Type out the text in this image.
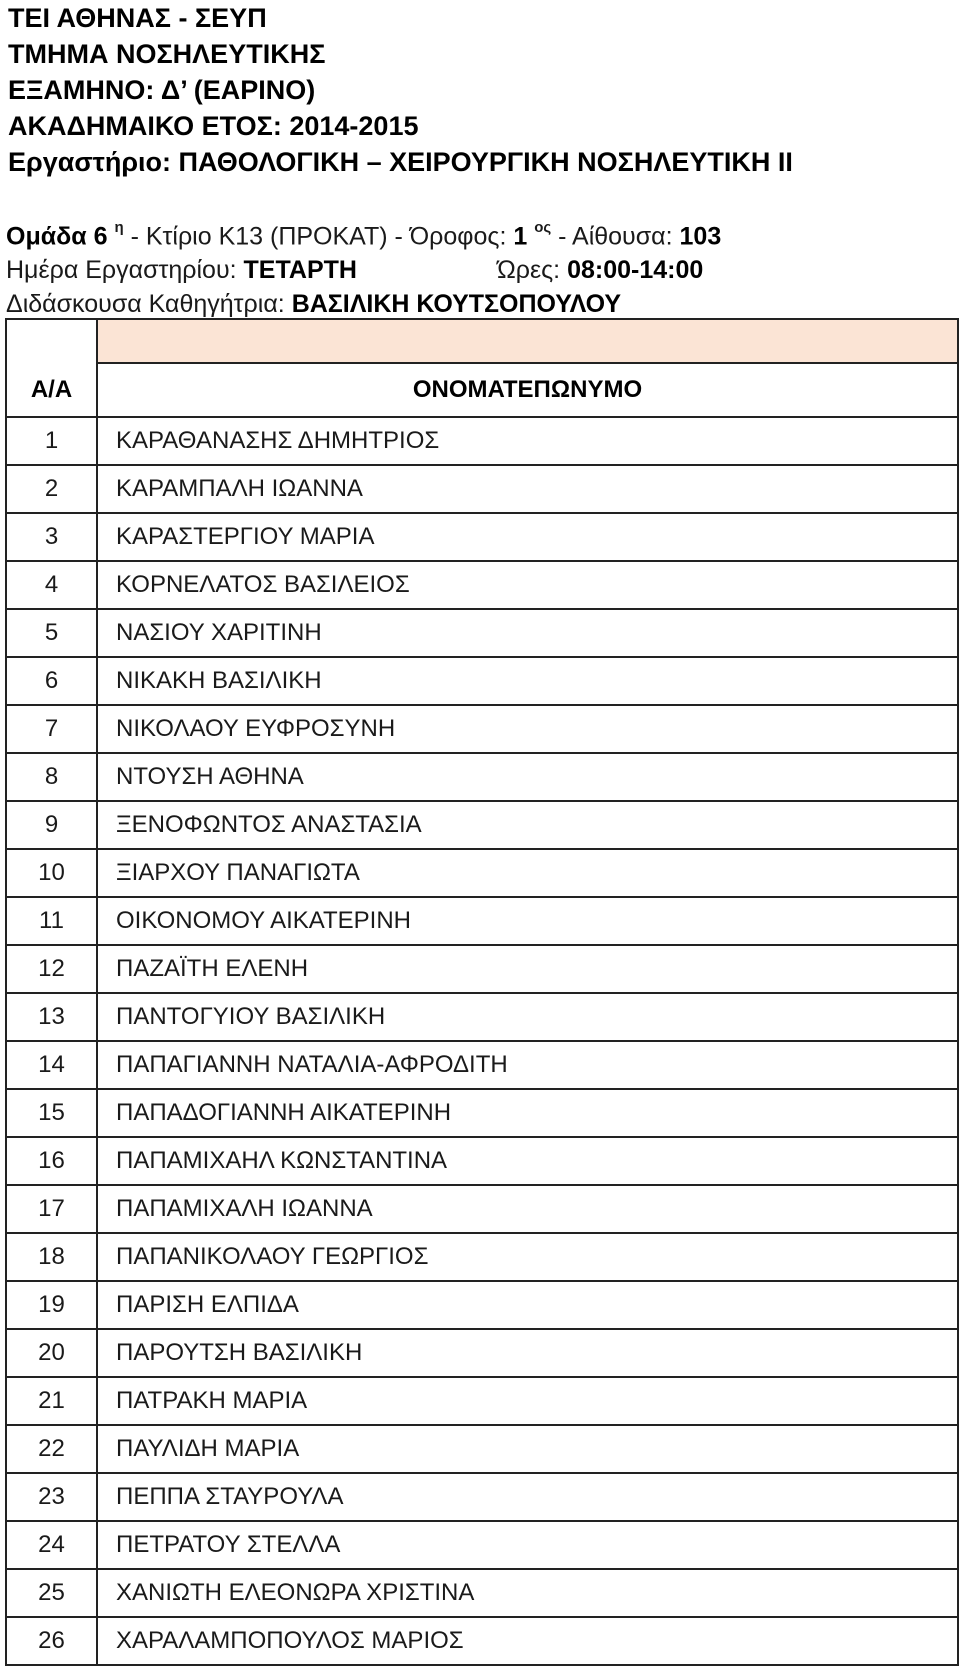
ΤΕΙ ΑΘΗΝΑΣ - ΣΕΥΠ
ΤΜΗΜΑ ΝΟΣΗΛΕΥΤΙΚΗΣ
ΕΞΑΜΗΝΟ: Δ’ (ΕΑΡΙΝΟ)
ΑΚΑΔΗΜΑΙΚΟ ΕΤΟΣ: 2014-2015
Εργαστήριο: ΠΑΘΟΛΟΓΙΚΗ – ΧΕΙΡΟΥΡΓΙΚΗ ΝΟΣΗΛΕΥΤΙΚΗ ΙΙ
Ομάδα 6 $^\eta$ - Κτίριο Κ13 (ΠΡΟΚΑΤ) - Όροφος: 1 $^{o\varsigma}$ - Αίθουσα: 103
Ημέρα Εργαστηρίου: ΤΕΤΑΡΤΗ	Ώρες: 08:00-14:00
Διδάσκουσα Καθηγήτρια: ΒΑΣΙΛΙΚΗ ΚΟΥΤΣΟΠΟΥΛΟΥ

Α/Α	ΟΝΟΜΑΤΕΠΩΝΥΜΟ
1	ΚΑΡΑΘΑΝΑΣΗΣ ΔΗΜΗΤΡΙΟΣ
2	ΚΑΡΑΜΠΑΛΗ ΙΩΑΝΝΑ
3	ΚΑΡΑΣΤΕΡΓΙΟΥ ΜΑΡΙΑ
4	ΚΟΡΝΕΛΑΤΟΣ ΒΑΣΙΛΕΙΟΣ
5	ΝΑΣΙΟΥ ΧΑΡΙΤΙΝΗ
6	ΝΙΚΑΚΗ ΒΑΣΙΛΙΚΗ
7	ΝΙΚΟΛΑΟΥ ΕΥΦΡΟΣΥΝΗ
8	ΝΤΟΥΣΗ ΑΘΗΝΑ
9	ΞΕΝΟΦΩΝΤΟΣ ΑΝΑΣΤΑΣΙΑ
10	ΞΙΑΡΧΟΥ ΠΑΝΑΓΙΩΤΑ
11	ΟΙΚΟΝΟΜΟΥ ΑΙΚΑΤΕΡΙΝΗ
12	ΠΑΖΑΪΤΗ ΕΛΕΝΗ
13	ΠΑΝΤΟΓΥΙΟΥ ΒΑΣΙΛΙΚΗ
14	ΠΑΠΑΓΙΑΝΝΗ ΝΑΤΑΛΙΑ-ΑΦΡΟΔΙΤΗ
15	ΠΑΠΑΔΟΓΙΑΝΝΗ ΑΙΚΑΤΕΡΙΝΗ
16	ΠΑΠΑΜΙΧΑΗΛ ΚΩΝΣΤΑΝΤΙΝΑ
17	ΠΑΠΑΜΙΧΑΛΗ ΙΩΑΝΝΑ
18	ΠΑΠΑΝΙΚΟΛΑΟΥ ΓΕΩΡΓΙΟΣ
19	ΠΑΡΙΣΗ ΕΛΠΙΔΑ
20	ΠΑΡΟΥΤΣΗ ΒΑΣΙΛΙΚΗ
21	ΠΑΤΡΑΚΗ ΜΑΡΙΑ
22	ΠΑΥΛΙΔΗ ΜΑΡΙΑ
23	ΠΕΠΠΑ ΣΤΑΥΡΟΥΛΑ
24	ΠΕΤΡΑΤΟΥ ΣΤΕΛΛΑ
25	ΧΑΝΙΩΤΗ ΕΛΕΟΝΩΡΑ ΧΡΙΣΤΙΝΑ
26	ΧΑΡΑΛΑΜΠΟΠΟΥΛΟΣ ΜΑΡΙΟΣ
